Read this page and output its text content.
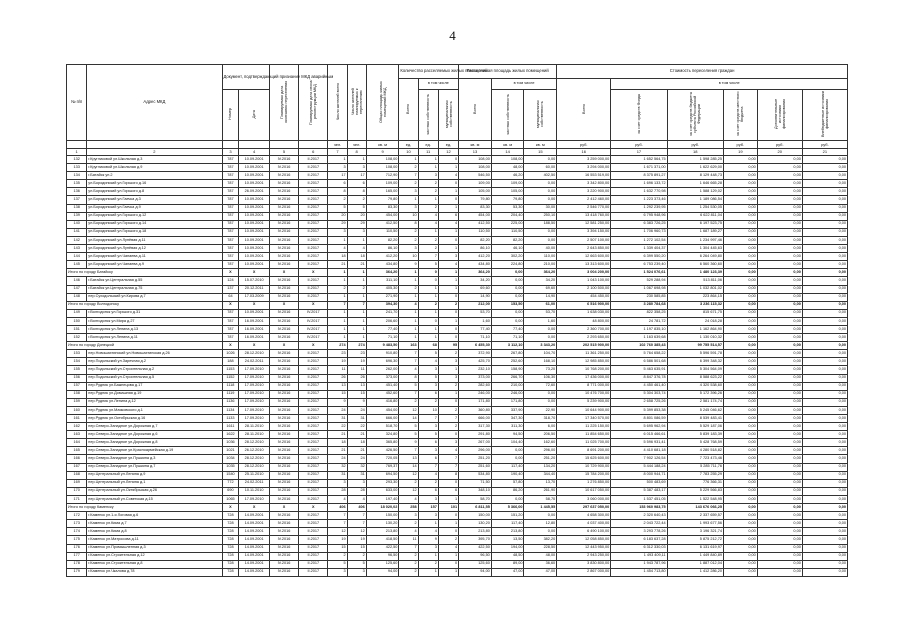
4
№ п/п	Адрес МКД	Документ, подтверждающий признание МКД аварийным		Планируемая дата окончания переселения	Планируемая дата сноса/ реконструкции МКД	Число жителей всего	Число жителей планируемых к переселению	Общая площадь жилых помещений МКД	Количество расселяемых жилых помещений			Расселяемая площадь жилых помещений			Стоимость переселения граждан					
									Всего	в том числе		Всего	в том числе		Всего	в том числе				
		Номер	Дата							частная собственность	муниципальная собственность		частная собственность	муниципальная собственность		за счет средств Фонда	за счет средств бюджета субъекта Российской Федерации	за счет средств местного бюджета	Дополнительные источники финансирования	Внебюджетные источники финансирования
						чел.	чел.	кв. м	ед.	ед.	ед.	кв. м	кв. м	кв. м	руб.	руб.	руб.	руб.	руб.	руб.
1	2	3	4	5	6	7	8	9	10	11	12	13	14	15	16	17	18	19	20	21
132	г.Кругликовой ул.Школьная д.3	787	10.09.2001	IV.2016	II.2017	1	1	108,00	1	1	0	108,00	108,00	0,00	3 259 000,00	1 652 564,75	1 598 285,25	0,00	0,00	0,00
133	г.Кругликовой ул.Школьная д.9	787	10.09.2001	IV.2016	II.2017	3	3	108,00	2	1	1	108,00	48,00	60,00	3 294 000,00	1 671 371,00	1 622 629,00	0,00	0,00	0,00
134	г.Батайск ул.2	787	10.09.2001	IV.2016	II.2017	17	17	712,90	7	3	4	546,50	46,20	402,50	16 553 519,00	8 375 891,27	8 129 448,73	0,00	0,00	0,00
135	ул.Бородинский ул.Горького д.16	787	10.09.2001	IV.2016	II.2017	6	6	109,00	2	2	0	109,00	109,00	0,00	3 342 800,00	1 696 133,72	1 646 665,28	0,00	0,00	0,00
136	ул.Бородинский ул.Горького д.8	787	26.09.2001	IV.2016	II.2017	8	8	165,00	3	2	1	105,00	105,00	0,00	3 220 900,00	1 632 770,98	1 588 129,02	0,00	0,00	0,00
137	ул.Бородинский ул.Гаечка д.3	787	10.09.2001	IV.2016	II.2017	2	2	79,80	1	1	0	79,80	79,80	0,00	2 412 460,00	1 223 373,46	1 189 086,54	0,00	0,00	0,00
138	ул.Бородинский ул.Гаечка д.9	787	10.09.2001	IV.2016	II.2017	5	5	83,30	3	2	1	83,30	53,30	30,00	2 546 770,00	1 292 239,95	1 254 530,05	0,00	0,00	0,00
139	ул.Бородинский ул.Горького д.12	787	10.09.2001	IV.2016	II.2017	20	20	454,00	10	4	6	454,00	204,40	250,10	13 418 760,00	6 795 948,96	6 622 811,04	0,00	0,00	0,00
140	ул.Бородинский ул.Горького д.14	787	10.09.2001	IV.2016	II.2017	29	29	412,50	8	4	4	412,50	225,00	188,50	12 581 250,00	6 383 726,25	6 197 523,75	0,00	0,00	0,00
141	ул.Бородинский ул.Горького д.18	787	10.09.2001	IV.2016	II.2017	3	3	110,50	2	1	1	110,50	110,50	0,00	3 394 150,00	1 706 960,73	1 687 189,27	0,00	0,00	0,00
142	ул.Бородинский ул.Лунёвая д.11	787	10.09.2001	IV.2016	II.2017	1	1	82,20	2	2	0	82,20	82,20	0,00	2 507 100,00	1 272 102,54	1 234 997,46	0,00	0,00	0,00
143	ул.Бородинский ул.Лунёвая д.12	787	10.09.2001	IV.2016	II.2017	4	4	86,10	3	2	1	86,10	46,10	40,00	2 643 850,00	1 339 404,37	1 304 445,63	0,00	0,00	0,00
144	ул.Бородинский ул.Чапаева д.11	787	10.09.2001	IV.2016	II.2017	18	18	412,20	10	7	3	412,20	302,20	110,00	12 663 600,00	6 399 550,20	6 264 049,80	0,00	0,00	0,00
145	ул.Бородинский ул.Чапаева д.9	787	10.09.2001	IV.2016	II.2017	21	21	434,80	9	5	4	434,80	224,80	210,00	13 313 600,00	6 753 239,40	6 560 360,60	0,00	0,00	0,00
Итого по городу Батайску		X	X	X	X	1	1	364,20	1	0	1	364,20	0,00	364,20	3 004 200,00	1 524 076,61	1 480 123,39	0,00	0,00	0,00
146	г.Батайск ул.Центральная д.55	124	15.07.2010	IV.2016	II.2017	1	1	311,10	1	0	1	34,20	0,00	34,20	1 043 100,00	529 288,94	513 811,06	0,00	0,00	0,00
147	г.Батайск ул.Центральная д.75	137	20.12.2011	IV.2016	II.2017	2	2	405,30	2	1	1	69,60	0,00	69,60	2 100 500,00	1 067 698,98	1 032 801,02	0,00	0,00	0,00
148	пер.Суходольский ул.Кирова д.7	64	17.03.2009	IV.2016	II.2017	1	1	271,90	1	1	0	14,90	0,00	14,90	454 450,00	230 585,85	223 864,15	0,00	0,00	0,00
Итого по городу Волгодонску		X	X	X	X	7	7	394,30	4	2	2	212,00	153,50	61,00	6 516 900,00	3 280 784,68	3 236 115,32	0,00	0,00	0,00
149	г.Волгодонск ул.Горького д.31	787	10.09.2001	IV.2016	IV.2017	1	1	241,70	1	1	0	53,70	0,00	53,70	1 638 030,00	822 358,25	815 671,75	0,00	0,00	0,00
150	г.Волгодонск ул.Мира д.27	787	16.09.2001	IV.2016	IV.2017	1	1	206,60	1	0	1	1,60	0,00	1,60	48 800,00	24 781,72	24 018,28	0,00	0,00	0,00
151	г.Волгодонск ул.Ленина д.13	787	16.09.2001	IV.2016	IV.2017	1	1	77,40	1	1	0	77,40	77,40	0,00	2 360 700,00	1 197 835,10	1 162 864,90	0,00	0,00	0,00
152	г.Волгодонск ул.Ленина д.11	787	16.09.2001	IV.2016	IV.2017	1	1	71,10	1	1	0	71,10	71,10	0,00	2 293 650,00	1 163 639,68	1 130 010,32	0,00	0,00	0,00
Итого по городу Донецкой		X	X	X	X	274	274	9 483,50	163	68	95	6 455,30	3 112,10	3 343,20	202 515 900,00	102 760 385,43	99 755 514,57	0,00	0,00	0,00
153	пер.Новошахтинский ул.Новошахтинская д.26	1026	28.12.2010	IV.2016	II.2017	23	23	910,80	7	5	2	372,90	267,80	104,70	11 361 250,00	5 764 658,22	5 596 591,78	0,00	0,00	0,00
154	пер.Подольский ул.Заречная д.2	188	24.02.2011	IV.2016	II.2017	19	19	696,30	7	4	3	425,70	252,60	168,10	12 985 850,00	6 586 501,68	6 399 348,32	0,00	0,00	0,00
155	пер.Подольский ул.Строительная д.2	1153	17.09.2010	IV.2016	II.2017	11	11	262,00	4	3	1	232,10	158,90	73,20	10 768 200,00	5 463 635,91	5 304 564,09	0,00	0,00	0,00
156	пер.Подольский ул.Строительная д.5	1152	17.09.2010	IV.2016	II.2017	26	26	373,00	8	5	3	373,00	266,70	106,30	17 436 000,00	8 847 376,78	8 588 623,22	0,00	0,00	0,00
157	пер.Рудник ул.Бажнецова д.17	1118	17.09.2010	IV.2016	II.2017	13	13	451,40	5	3	2	282,60	210,00	72,60	8 771 000,00	4 450 461,40	4 320 538,60	0,00	0,00	0,00
158	пер.Рудник ул.Домашняя д.19	1119	17.09.2010	IV.2016	II.2017	15	15	452,60	7	6	1	246,00	246,00	0,00	10 476 700,00	5 304 303,74	5 172 396,26	0,00	0,00	0,00
159	пер.Рудник ул.Ленина д.12	1136	17.09.2010	IV.2016	II.2017	9	9	416,80	2	2	0	171,80	171,80	0,00	5 239 900,00	2 658 725,26	2 581 174,74	0,00	0,00	0,00
160	пер.Рудник ул.Маяковского д.1	1134	17.09.2010	IV.2016	II.2017	24	24	454,00	12	10	2	360,80	337,90	22,90	10 644 900,00	5 399 853,38	5 245 046,62	0,00	0,00	0,00
161	пер.Рудник ул.Октябрьская д.16	1133	17.09.2010	IV.2016	II.2017	31	31	666,00	14	7	7	666,00	347,30	318,70	17 340 570,00	8 801 086,59	8 539 483,41	0,00	0,00	0,00
162	пер.Северо-Западное ул.Дорожная д.7	1611	28.11.2010	IV.2016	II.2017	22	22	518,70	5	3	2	317,30	311,30	6,00	11 225 150,00	5 695 962,94	5 529 187,06	0,00	0,00	0,00
163	пер.Северо-Западное ул.Дорожная д.6	1622	28.11.2010	IV.2016	II.2017	21	21	324,80	5	5	0	291,80	94,50	206,50	11 854 650,00	6 015 466,61	5 839 183,39	0,00	0,00	0,00
164	пер.Северо-Западное ул.Дорожная д.8	1036	28.12.2010	IV.2016	II.2017	18	18	365,80	9	6	3	267,00	104,40	162,60	11 025 700,00	5 596 931,41	5 428 768,59	0,00	0,00	0,00
165	пер.Северо-Западное ул.Красноармейская д.19	1021	26.12.2010	IV.2016	II.2017	21	21	426,50	7	3	4	296,00	0,00	296,00	8 691 200,00	4 410 681,18	4 280 518,82	0,00	0,00	0,00
166	пер.Северо-Западное ул.Пушкина д.3	1034	28.12.2010	IV.2016	II.2017	24	24	720,05	13	6	7	251,20	0,00	251,20	15 625 600,00	7 902 126,54	7 723 473,46	0,00	0,00	0,00
167	пер.Северо-Западное ул.Пушкина д.7	1035	28.12.2010	IV.2016	II.2017	32	32	769,37	14	7	7	251,60	117,40	134,20	10 729 900,00	5 444 188,24	5 285 711,76	0,00	0,00	0,00
168	пер.Центральный ул.Ленина д.9	1540	25.11.2010	IV.2016	II.2017	31	31	694,50	12	4	8	534,80	190,40	344,40	15 784 200,00	8 000 944,71	7 783 255,29	0,00	0,00	0,00
169	пер.Центральный ул.Ленина д.1	772	24.02.2011	IV.2016	II.2017	3	3	293,30	2	2	0	71,50	57,80	13,70	1 276 850,00	500 483,69	776 366,31	0,00	0,00	0,00
170	пер.Центральный ул.Октябрьская д.26	690	10.11.2010	IV.2016	II.2017	28	28	633,00	12	6	6	348,10	86,20	261,90	10 617 050,00	5 387 483,17	5 229 566,83	0,00	0,00	0,00
171	пер.Центральный ул.Советская д.15	1065	17.09.2010	IV.2016	II.2017	4	4	197,40	4	3	1	58,70	0,00	58,70	3 060 000,00	1 537 451,05	1 522 548,95	0,00	0,00	0,00
Итого по городу Каменску		X	X	X	X	406	406	18 020,02	258	157	101	6 811,55	5 366,00	1 445,55	297 637 050,00	153 960 983,75	143 676 066,25	0,00	0,00	0,00
172	г.Каменск ул.1-я Логовая д.6	728	14.09.2001	IV.2016	II.2017	7	7	150,00	3	3	0	150,00	151,20	0,00	4 658 300,00	2 320 640,43	2 337 659,57	0,00	0,00	0,00
173	г.Каменск ул.Кима д.7	728	14.09.2001	IV.2016	II.2017	7	7	130,20	2	1	1	130,20	117,40	12,80	4 037 400,00	2 043 722,44	1 993 677,56	0,00	0,00	0,00
174	г.Каменск ул.Кима д.8	728	14.09.2001	IV.2016	II.2017	12	12	213,80	4	4	0	213,80	213,80	0,00	6 490 100,00	3 293 778,26	3 196 321,74	0,00	0,00	0,00
175	г.Каменск ул.Матросова д.11	728	14.09.2001	IV.2016	II.2017	19	19	418,50	11	9	2	395,70	13,50	382,20	12 058 850,00	6 183 637,28	5 875 212,72	0,00	0,00	0,00
176	г.Каменск ул.Промышленная д.3	728	14.09.2001	IV.2016	II.2017	15	15	422,50	7	3	4	422,50	194,00	228,50	12 443 950,00	6 312 330,03	6 131 619,97	0,00	0,00	0,00
177	г.Каменск ул.Строительная д.12	728	14.09.2001	IV.2016	II.2017	2	2	96,50	2	1	1	96,50	48,50	48,00	2 943 250,00	1 493 409,11	1 449 840,89	0,00	0,00	0,00
178	г.Каменск ул.Строительная д.8	728	14.09.2001	IV.2016	II.2017	5	5	125,60	2	2	0	125,60	89,00	36,60	3 830 800,00	1 943 787,96	1 887 012,04	0,00	0,00	0,00
179	г.Каменск ул.Чкалова д.78	728	14.09.2001	IV.2016	II.2017	3	3	94,00	2	1	1	94,00	47,00	47,00	2 867 000,00	1 454 713,80	1 412 286,20	0,00	0,00	0,00
